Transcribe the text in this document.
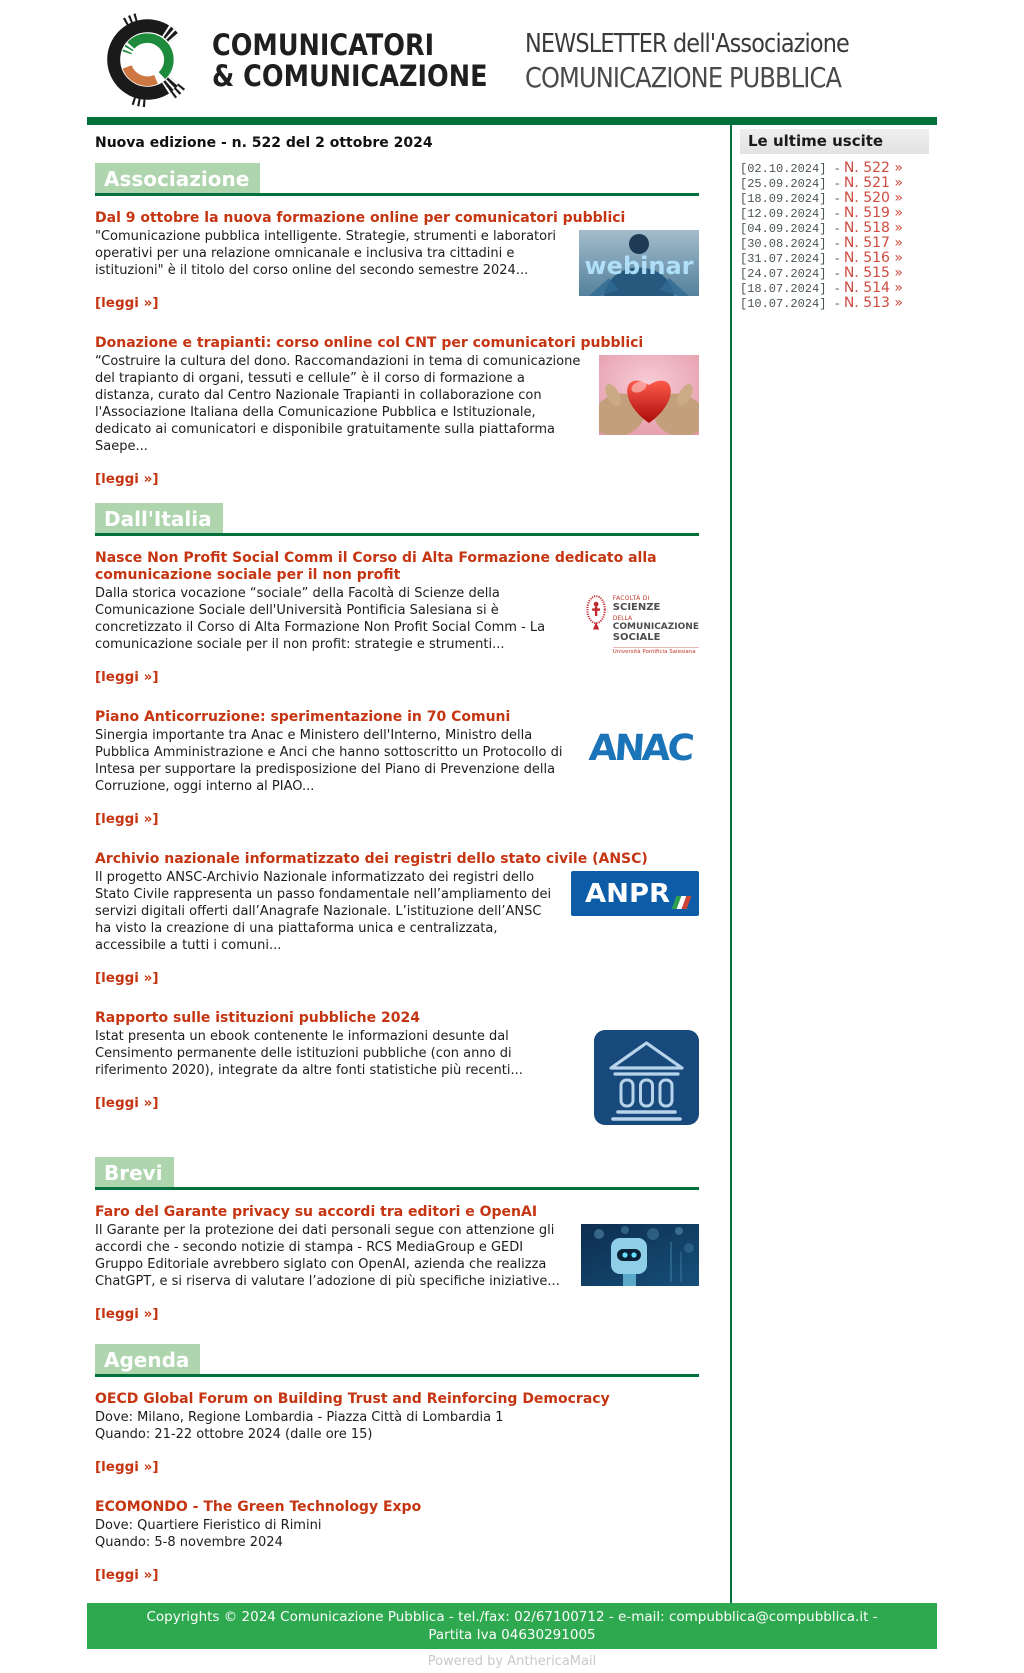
COMUNICATORI
& COMUNICAZIONE
NEWSLETTER dell'Associazione
COMUNICAZIONE PUBBLICA
Nuova edizione - n. 522 del 2 ottobre 2024
Associazione
Dal 9 ottobre la nuova formazione online per comunicatori pubblici
webinar

"Comunicazione pubblica intelligente. Strategie, strumenti e laboratori operativi per una relazione omnicanale e inclusiva tra cittadini e istituzioni" è il titolo del corso online del secondo semestre 2024...

[leggi »]
Donazione e trapianti: corso online col CNT per comunicatori pubblici

“Costruire la cultura del dono. Raccomandazioni in tema di comunicazione del trapianto di organi, tessuti e cellule” è il corso di formazione a distanza, curato dal Centro Nazionale Trapianti in collaborazione con l'Associazione Italiana della Comunicazione Pubblica e Istituzionale, dedicato ai comunicatori e disponibile gratuitamente sulla piattaforma Saepe...

[leggi »]
Dall'Italia
Nasce Non Profit Social Comm il Corso di Alta Formazione dedicato alla comunicazione sociale per il non profit
FACOLTÀ DI
SCIENZE
DELLA COMUNICAZIONE
SOCIALE
Università Pontificia Salesiana

Dalla storica vocazione “sociale” della Facoltà di Scienze della Comunicazione Sociale dell'Università Pontificia Salesiana si è concretizzato il Corso di Alta Formazione Non Profit Social Comm - La comunicazione sociale per il non profit: strategie e strumenti...

[leggi »]
Piano Anticorruzione: sperimentazione in 70 Comuni
ANAC

Sinergia importante tra Anac e Ministero dell'Interno, Ministro della Pubblica Amministrazione e Anci che hanno sottoscritto un Protocollo di Intesa per supportare la predisposizione del Piano di Prevenzione della Corruzione, oggi interno al PIAO...

[leggi »]
Archivio nazionale informatizzato dei registri dello stato civile (ANSC)
ANPR

Il progetto ANSC-Archivio Nazionale informatizzato dei registri dello Stato Civile rappresenta un passo fondamentale nell’ampliamento dei servizi digitali offerti dall’Anagrafe Nazionale. L’istituzione dell’ANSC ha visto la creazione di una piattaforma unica e centralizzata, accessibile a tutti i comuni...

[leggi »]
Rapporto sulle istituzioni pubbliche 2024

Istat presenta un ebook contenente le informazioni desunte dal Censimento permanente delle istituzioni pubbliche (con anno di riferimento 2020), integrate da altre fonti statistiche più recenti...

[leggi »]
Brevi
Faro del Garante privacy su accordi tra editori e OpenAI

Il Garante per la protezione dei dati personali segue con attenzione gli accordi che - secondo notizie di stampa - RCS MediaGroup e GEDI Gruppo Editoriale avrebbero siglato con OpenAI, azienda che realizza ChatGPT, e si riserva di valutare l’adozione di più specifiche iniziative...

[leggi »]
Agenda
OECD Global Forum on Building Trust and Reinforcing Democracy
Dove: Milano, Regione Lombardia - Piazza Città di Lombardia 1
Quando: 21-22 ottobre 2024 (dalle ore 15)
[leggi »]
ECOMONDO - The Green Technology Expo
Dove: Quartiere Fieristico di Rimini
Quando: 5-8 novembre 2024
[leggi »]
Le ultime uscite
[02.10.2024] - N. 522 »
[25.09.2024] - N. 521 »
[18.09.2024] - N. 520 »
[12.09.2024] - N. 519 »
[04.09.2024] - N. 518 »
[30.08.2024] - N. 517 »
[31.07.2024] - N. 516 »
[24.07.2024] - N. 515 »
[18.07.2024] - N. 514 »
[10.07.2024] - N. 513 »
Copyrights © 2024 Comunicazione Pubblica - tel./fax: 02/67100712 - e-mail: compubblica@compubblica.it - Partita Iva 04630291005
Powered by AnthericaMail
